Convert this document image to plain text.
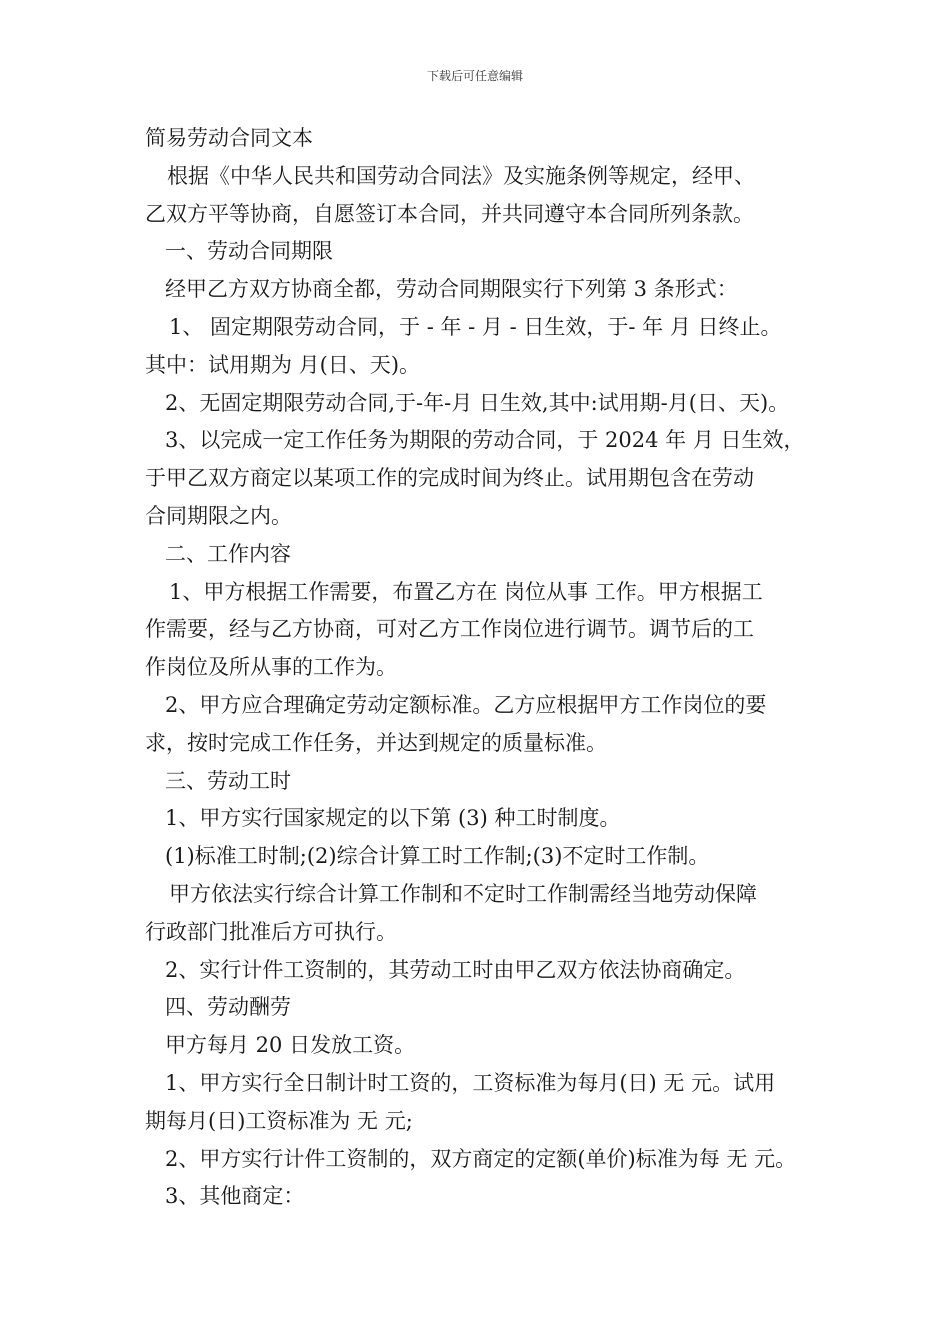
下载后可任意编辑
简易劳动合同文本
根据《中华人民共和国劳动合同法》及实施条例等规定，经甲、
乙双方平等协商，自愿签订本合同，并共同遵守本合同所列条款。
一、劳动合同期限
经甲乙方双方协商全都，劳动合同期限实行下列第 3 条形式：
1、 固定期限劳动合同，于 - 年 - 月 - 日生效，于- 年 月 日终止。
其中：试用期为 月(日、天)。
2、无固定期限劳动合同,于-年-月 日生效,其中:试用期-月(日、天)。
3、以完成一定工作任务为期限的劳动合同，于 2024 年 月 日生效，
于甲乙双方商定以某项工作的完成时间为终止。试用期包含在劳动
合同期限之内。
二、工作内容
1、甲方根据工作需要，布置乙方在 岗位从事 工作。甲方根据工
作需要，经与乙方协商，可对乙方工作岗位进行调节。调节后的工
作岗位及所从事的工作为。
2、甲方应合理确定劳动定额标准。乙方应根据甲方工作岗位的要
求，按时完成工作任务，并达到规定的质量标准。
三、劳动工时
1、甲方实行国家规定的以下第 (3) 种工时制度。
(1)标准工时制;(2)综合计算工时工作制;(3)不定时工作制。
甲方依法实行综合计算工作制和不定时工作制需经当地劳动保障
行政部门批准后方可执行。
2、实行计件工资制的，其劳动工时由甲乙双方依法协商确定。
四、劳动酬劳
甲方每月 20 日发放工资。
1、甲方实行全日制计时工资的，工资标准为每月(日) 无 元。试用
期每月(日)工资标准为 无 元;
2、甲方实行计件工资制的，双方商定的定额(单价)标准为每 无 元。
3、其他商定：
